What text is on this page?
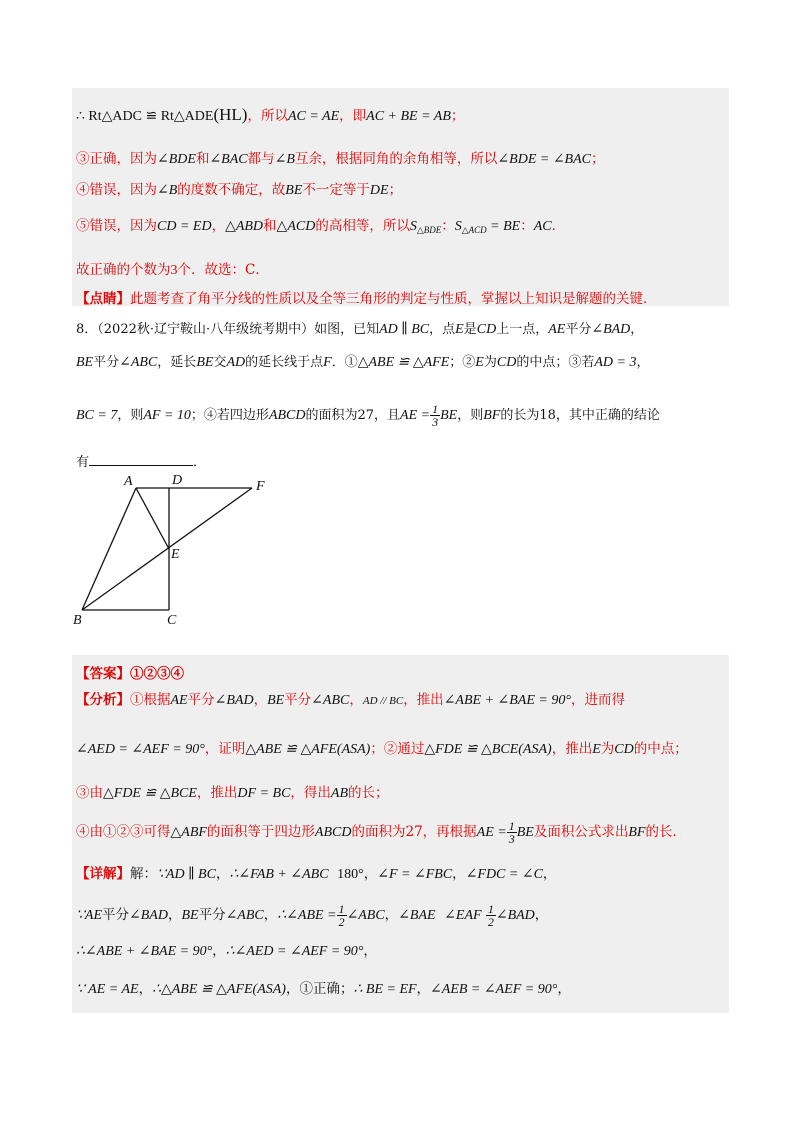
∴ Rt△ADC ≌ Rt△ADE(HL)，所以AC = AE，即AC + BE = AB；
③正确，因为∠BDE和∠BAC都与∠B互余，根据同角的余角相等，所以∠BDE = ∠BAC；
④错误，因为∠B的度数不确定，故BE不一定等于DE；
⑤错误，因为CD = ED，△ABD和△ACD的高相等，所以$S_{\triangle BDE}$：$S_{\triangle ACD}$ = BE：AC．
故正确的个数为3个．故选：C．
【点睛】此题考查了角平分线的性质以及全等三角形的判定与性质，掌握以上知识是解题的关键．
8．（2022秋·辽宁鞍山·八年级统考期中）如图，已知AD ∥ BC，点E是CD上一点，AE平分∠BAD，
BE平分∠ABC，延长BE交AD的延长线于点F．①△ABE ≌ △AFE；②E为CD的中点；③若AD = 3，
BC = 7，则AF = 10；④若四边形ABCD的面积为27，且AE = $\frac{1}{3}$ BE，则BF的长为18，其中正确的结论
有	．
A	D	F
E
B	C
【答案】①②③④
【分析】①根据AE平分∠BAD，BE平分∠ABC，AD // BC，推出∠ABE + ∠BAE = 90°，进而得
∠AED = ∠AEF = 90°，证明△ABE ≌ △AFE(ASA)；②通过△FDE ≌ △BCE(ASA)，推出E为CD的中点；
③由△FDE ≌ △BCE，推出DF = BC，得出AB的长；
④由①②③可得△ABF的面积等于四边形ABCD的面积为27，再根据AE = $\frac{1}{3}$ BE及面积公式求出BF的长．
【详解】解：∵AD ∥ BC，∴∠FAB + ∠ABC 180°，∠F = ∠FBC，∠FDC = ∠C，
∵AE平分∠BAD，BE平分∠ABC，∴∠ABE = $\frac{1}{2}$ ∠ABC，∠BAE ∠EAF $\frac{1}{2}$ ∠BAD，
∴∠ABE + ∠BAE = 90°，∴∠AED = ∠AEF = 90°，
∵ AE = AE，∴△ABE ≌ △AFE(ASA)，①正确；∴ BE = EF，∠AEB = ∠AEF = 90°，
